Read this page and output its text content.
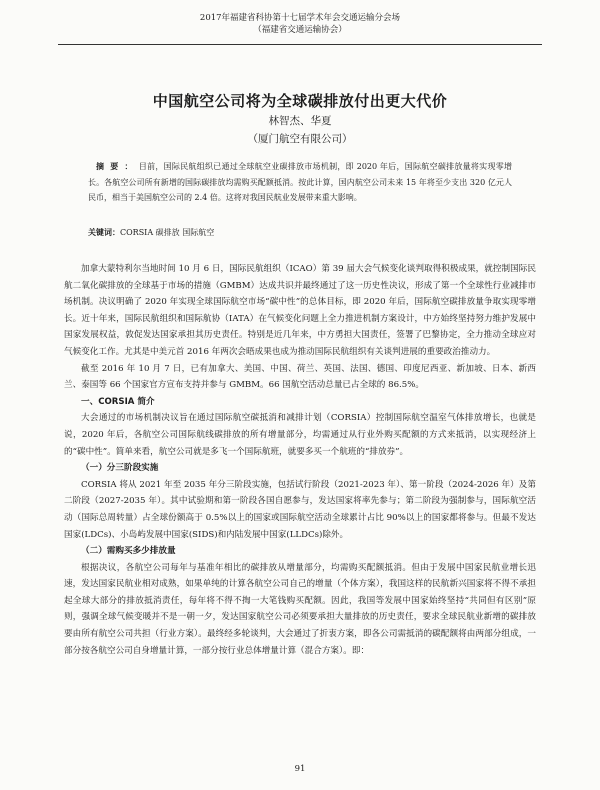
2017年福建省科协第十七届学术年会交通运输分会场
（福建省交通运输协会）
中国航空公司将为全球碳排放付出更大代价
林智杰、华夏
（厦门航空有限公司）
摘要：目前，国际民航组织已通过全球航空业碳排放市场机制，即 2020 年后，国际航空碳排放量将实现零增长。各航空公司所有新增的国际碳排放均需购买配额抵消。按此计算，国内航空公司未来 15 年将至少支出 320 亿元人民币，相当于美国航空公司的 2.4 倍。这将对我国民航业发展带来重大影响。
关键词：CORSIA 碳排放 国际航空

加拿大蒙特利尔当地时间 10 月 6 日，国际民航组织（ICAO）第 39 届大会气候变化谈判取得积极成果，就控制国际民航二氧化碳排放的全球基于市场的措施（GMBM）达成共识并最终通过了这一历史性决议，形成了第一个全球性行业减排市场机制。决议明确了 2020 年实现全球国际航空市场“碳中性”的总体目标，即 2020 年后，国际航空碳排放量争取实现零增长。近十年来，国际民航组织和国际航协（IATA）在气候变化问题上全力推进机制方案设计，中方始终坚持努力维护发展中国家发展权益，敦促发达国家承担其历史责任。特别是近几年来，中方勇担大国责任，签署了巴黎协定，全力推动全球应对气候变化工作。尤其是中美元首 2016 年两次会晤成果也成为推动国际民航组织有关谈判进展的重要政治推动力。

截至 2016 年 10 月 7 日，已有加拿大、美国、中国、荷兰、英国、法国、德国、印度尼西亚、新加坡、日本、新西兰、泰国等 66 个国家官方宣布支持并参与 GMBM。66 国航空活动总量已占全球的 86.5%。

一、CORSIA 简介

大会通过的市场机制决议旨在通过国际航空碳抵消和减排计划（CORSIA）控制国际航空温室气体排放增长，也就是说，2020 年后，各航空公司国际航线碳排放的所有增量部分，均需通过从行业外购买配额的方式来抵消，以实现经济上的“碳中性”。简单来看，航空公司就是多飞一个国际航班，就要多买一个航班的“排放券”。

（一）分三阶段实施

CORSIA 将从 2021 年至 2035 年分三阶段实施，包括试行阶段（2021-2023 年）、第一阶段（2024-2026 年）及第二阶段（2027-2035 年）。其中试验期和第一阶段各国自愿参与，发达国家将率先参与；第二阶段为强制参与，国际航空活动（国际总周转量）占全球份额高于 0.5%以上的国家或国际航空活动全球累计占比 90%以上的国家都将参与。但最不发达国家(LDCs)、小岛屿发展中国家(SIDS)和内陆发展中国家(LLDCs)除外。

（二）需购买多少排放量

根据决议，各航空公司每年与基准年相比的碳排放从增量部分，均需购买配额抵消。但由于发展中国家民航业增长迅速，发达国家民航业相对成熟，如果单纯的计算各航空公司自己的增量（个体方案），我国这样的民航新兴国家将不得不承担起全球大部分的排放抵消责任，每年将不得不掏一大笔钱购买配额。因此，我国等发展中国家始终坚持“共同但有区别”原则，强调全球气候变暖并不是一朝一夕，发达国家航空公司必须要承担大量排放的历史责任，要求全球民航业新增的碳排放要由所有航空公司共担（行业方案）。最终经多轮谈判，大会通过了折衷方案，即各公司需抵消的碳配额将由两部分组成，一部分按各航空公司自身增量计算，一部分按行业总体增量计算（混合方案）。即：

91
